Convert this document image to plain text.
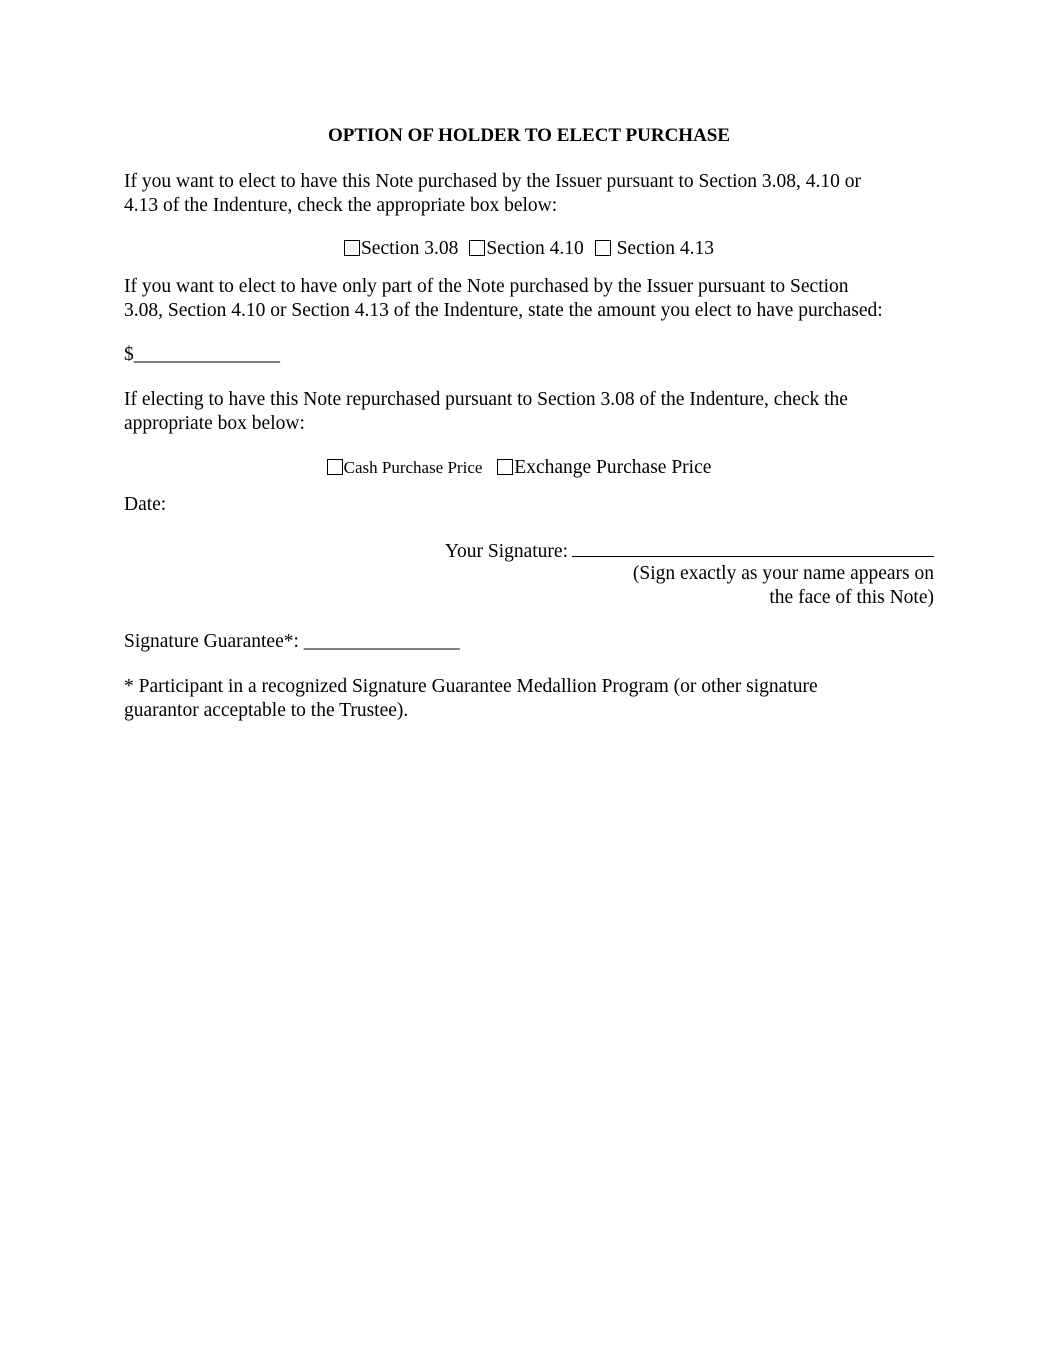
OPTION OF HOLDER TO ELECT PURCHASE
If you want to elect to have this Note purchased by the Issuer pursuant to Section 3.08, 4.10 or
4.13 of the Indenture, check the appropriate box below:
Section 3.08 Section 4.10  Section 4.13
If you want to elect to have only part of the Note purchased by the Issuer pursuant to Section
3.08, Section 4.10 or Section 4.13 of the Indenture, state the amount you elect to have purchased:
$_______________
If electing to have this Note repurchased pursuant to Section 3.08 of the Indenture, check the
appropriate box below:
Cash Purchase Price Exchange Purchase Price
Date:
Your Signature:
(Sign exactly as your name appears on
the face of this Note)
Signature Guarantee*: ________________
* Participant in a recognized Signature Guarantee Medallion Program (or other signature
guarantor acceptable to the Trustee).
